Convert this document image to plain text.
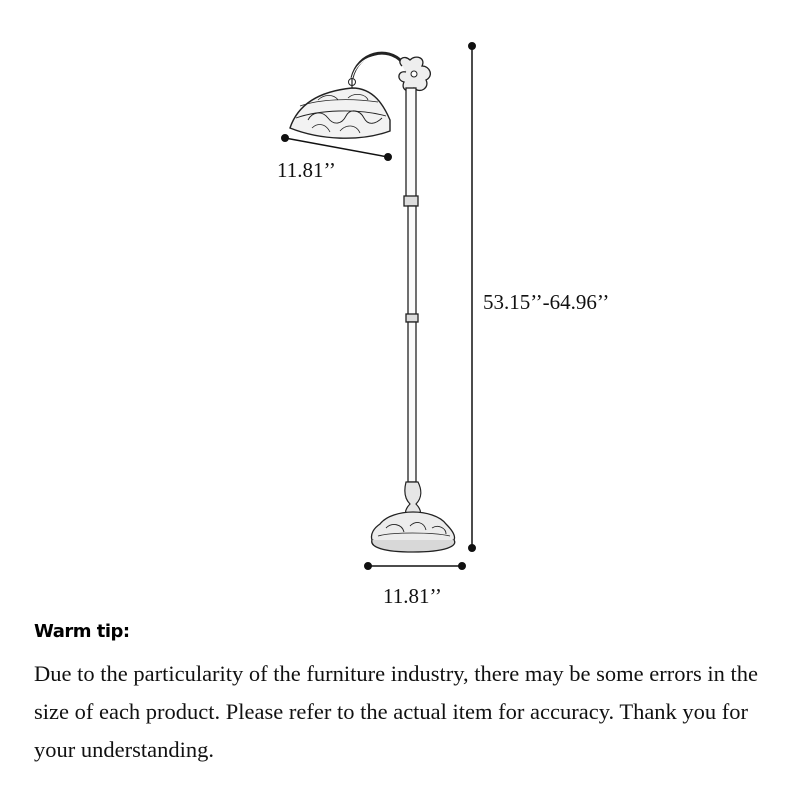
11.81’’
53.15’’-64.96’’
11.81’’
Warm tip:

Due to the particularity of the furniture industry, there may be some errors in the size of each product. Please refer to the actual item for accuracy. Thank you for your understanding.
